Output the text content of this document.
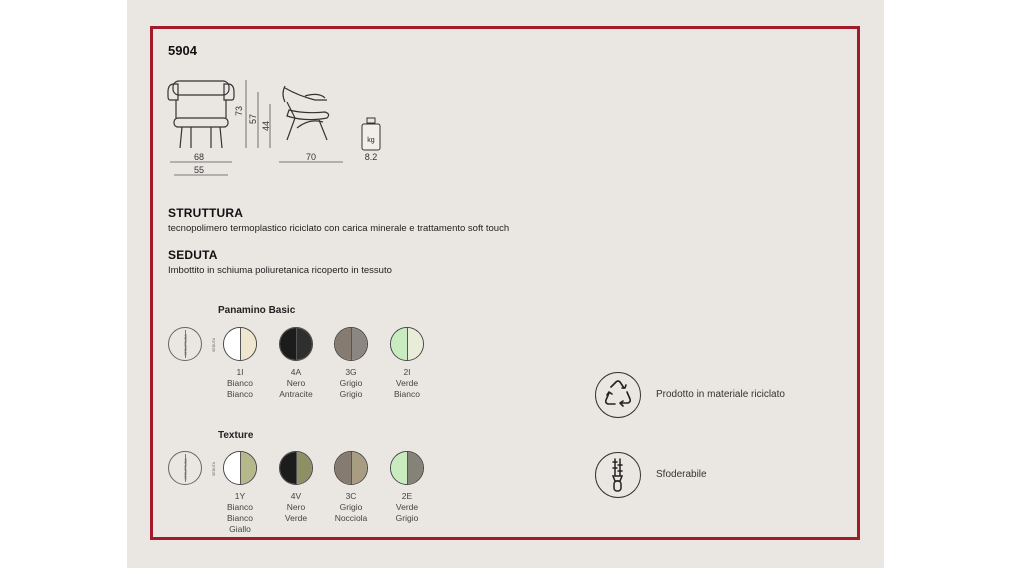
5904
68
55
73
57
44
70
kg
8.2
STRUTTURA
tecnopolimero termoplastico riciclato con carica minerale e trattamento soft touch
SEDUTA
Imbottito in schiuma poliuretanica ricoperto in tessuto
Panamino Basic
STRUTTURA SEDUTA
1I
Bianco
Bianco
4A
Nero
Antracite
3G
Grigio
Grigio
2I
Verde
Bianco
Texture
STRUTTURA SEDUTA
1Y
Bianco
Bianco
Giallo
4V
Nero
Verde
3C
Grigio
Nocciola
2E
Verde
Grigio
Prodotto in materiale riciclato
Sfoderabile
